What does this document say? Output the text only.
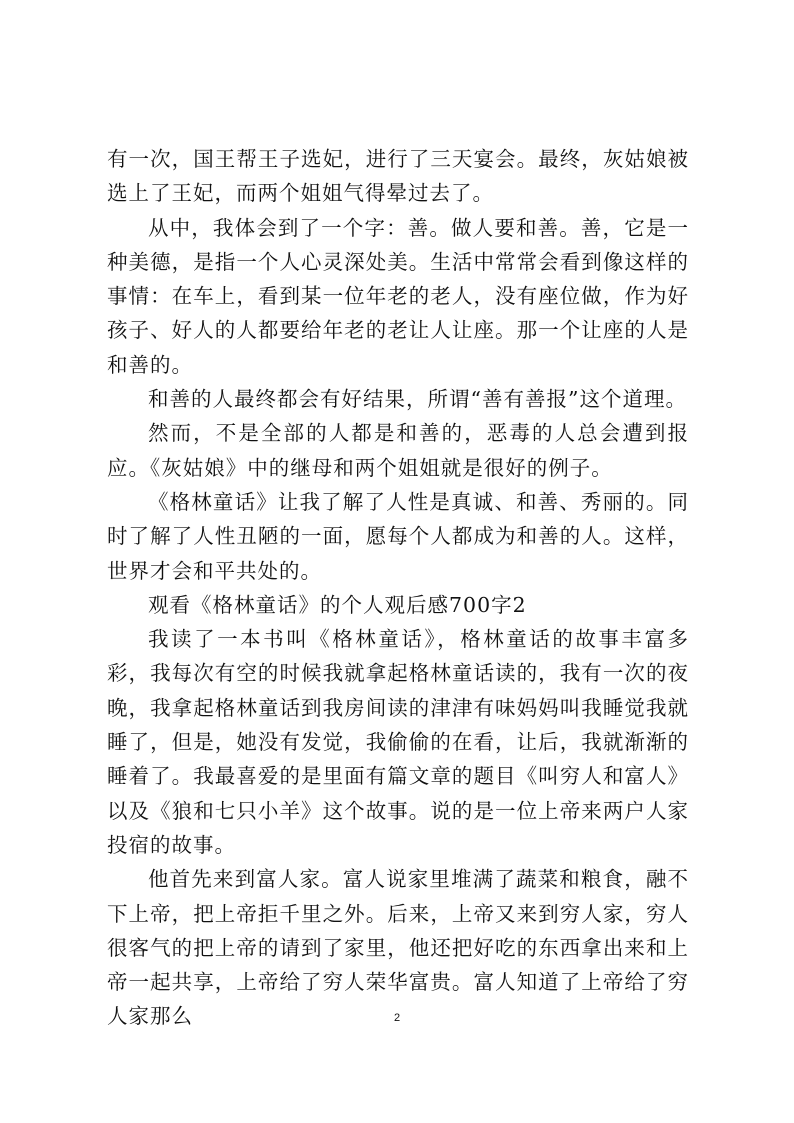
有一次，国王帮王子选妃，进行了三天宴会。最终，灰姑娘被选上了王妃，而两个姐姐气得晕过去了。

从中，我体会到了一个字：善。做人要和善。善，它是一种美德，是指一个人心灵深处美。生活中常常会看到像这样的事情：在车上，看到某一位年老的老人，没有座位做，作为好孩子、好人的人都要给年老的老让人让座。那一个让座的人是和善的。

和善的人最终都会有好结果，所谓“善有善报”这个道理。

然而，不是全部的人都是和善的，恶毒的人总会遭到报应。《灰姑娘》中的继母和两个姐姐就是很好的例子。

《格林童话》让我了解了人性是真诚、和善、秀丽的。同时了解了人性丑陋的一面，愿每个人都成为和善的人。这样，世界才会和平共处的。

观看《格林童话》的个人观后感700字2

我读了一本书叫《格林童话》，格林童话的故事丰富多彩，我每次有空的时候我就拿起格林童话读的，我有一次的夜晚，我拿起格林童话到我房间读的津津有味妈妈叫我睡觉我就睡了，但是，她没有发觉，我偷偷的在看，让后，我就渐渐的睡着了。我最喜爱的是里面有篇文章的题目《叫穷人和富人》以及《狼和七只小羊》这个故事。说的是一位上帝来两户人家投宿的故事。

他首先来到富人家。富人说家里堆满了蔬菜和粮食，融不下上帝，把上帝拒千里之外。后来，上帝又来到穷人家，穷人很客气的把上帝的请到了家里，他还把好吃的东西拿出来和上帝一起共享，上帝给了穷人荣华富贵。富人知道了上帝给了穷人家那么	2
